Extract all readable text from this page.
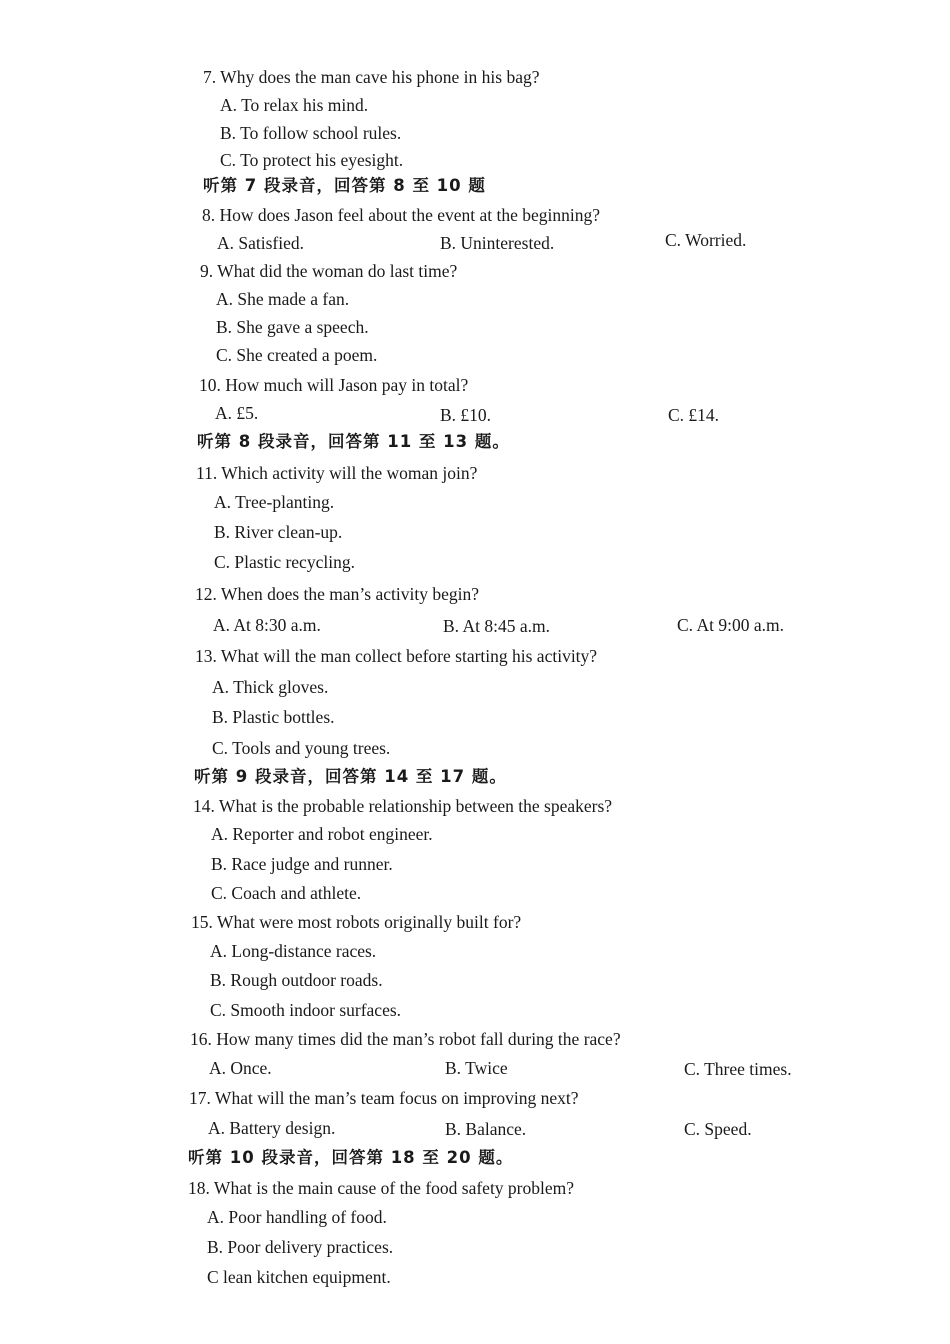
7. Why does the man cave his phone in his bag?
A. To relax his mind.
B. To follow school rules.
C. To protect his eyesight.
听第 7 段录音，回答第 8 至 10 题
8. How does Jason feel about the event at the beginning?
A. Satisfied.	B. Uninterested.	C. Worried.
9. What did the woman do last time?
A. She made a fan.
B. She gave a speech.
C. She created a poem.
10. How much will Jason pay in total?
A. £5.	B. £10.	C. £14.
听第 8 段录音，回答第 11 至 13 题。
11. Which activity will the woman join?
A. Tree-planting.
B. River clean-up.
C. Plastic recycling.
12. When does the man’s activity begin?
A. At 8:30 a.m.	B. At 8:45 a.m.	C. At 9:00 a.m.
13. What will the man collect before starting his activity?
A. Thick gloves.
B. Plastic bottles.
C. Tools and young trees.
听第 9 段录音，回答第 14 至 17 题。
14. What is the probable relationship between the speakers?
A. Reporter and robot engineer.
B. Race judge and runner.
C. Coach and athlete.
15. What were most robots originally built for?
A. Long-distance races.
B. Rough outdoor roads.
C. Smooth indoor surfaces.
16. How many times did the man’s robot fall during the race?
A. Once.	B. Twice	C. Three times.
17. What will the man’s team focus on improving next?
A. Battery design.	B. Balance.	C. Speed.
听第 10 段录音，回答第 18 至 20 题。
18. What is the main cause of the food safety problem?
A. Poor handling of food.
B. Poor delivery practices.
C lean kitchen equipment.
